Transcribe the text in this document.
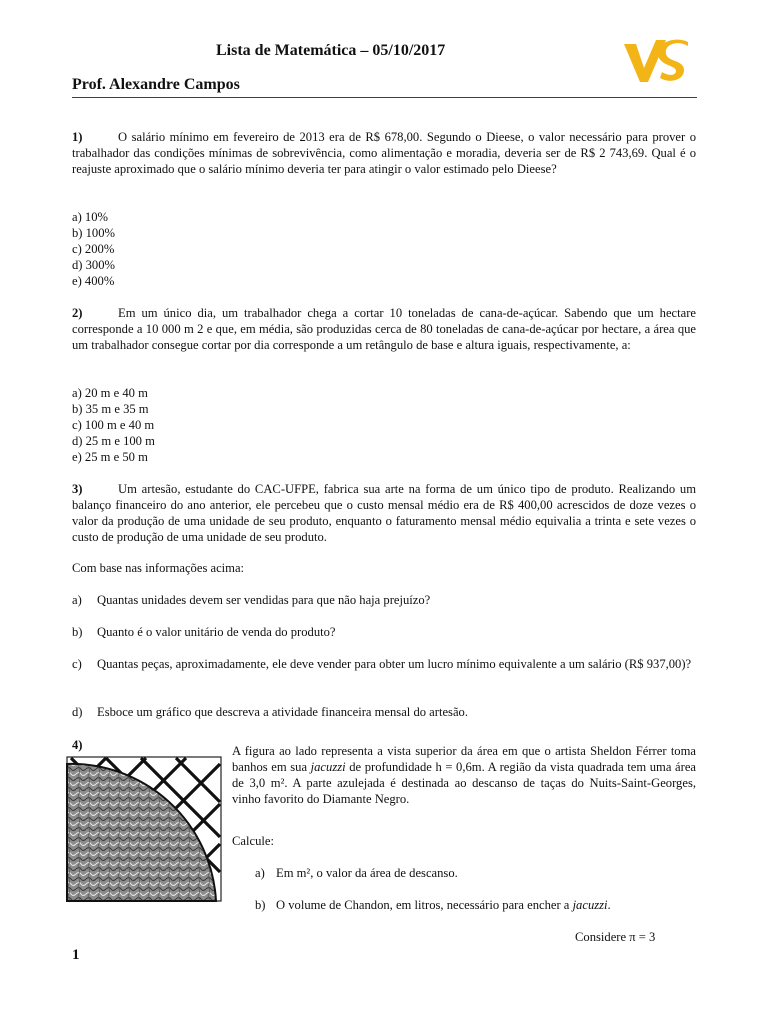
Lista de Matemática – 05/10/2017
Prof. Alexandre Campos
1)	O salário mínimo em fevereiro de 2013 era de R$ 678,00. Segundo o Dieese, o valor necessário para prover o trabalhador das condições mínimas de sobrevivência, como alimentação e moradia, deveria ser de R$ 2 743,69. Qual é o reajuste aproximado que o salário mínimo deveria ter para atingir o valor estimado pelo Dieese?
a) 10%
b) 100%
c) 200%
d) 300%
e) 400%
2)	Em um único dia, um trabalhador chega a cortar 10 toneladas de cana-de-açúcar. Sabendo que um hectare corresponde a 10 000 m 2 e que, em média, são produzidas cerca de 80 toneladas de cana-de-açúcar por hectare, a área que um trabalhador consegue cortar por dia corresponde a um retângulo de base e altura iguais, respectivamente, a:
a) 20 m e 40 m
b) 35 m e 35 m
c) 100 m e 40 m
d) 25 m e 100 m
e) 25 m e 50 m
3)	Um artesão, estudante do CAC-UFPE, fabrica sua arte na forma de um único tipo de produto. Realizando um balanço financeiro do ano anterior, ele percebeu que o custo mensal médio era de R$ 400,00 acrescidos de doze vezes o valor da produção de uma unidade de seu produto, enquanto o faturamento mensal médio equivalia a trinta e sete vezes o custo de produção de uma unidade de seu produto.
Com base nas informações acima:
a) Quantas unidades devem ser vendidas para que não haja prejuízo?
b) Quanto é o valor unitário de venda do produto?
c) Quantas peças, aproximadamente, ele deve vender para obter um lucro mínimo equivalente a um salário (R$ 937,00)?
d) Esboce um gráfico que descreva a atividade financeira mensal do artesão.
4)	A figura ao lado representa a vista superior da área em que o artista Sheldon Férrer toma banhos em sua jacuzzi de profundidade h = 0,6m. A região da vista quadrada tem uma área de 3,0 m². A parte azulejada é destinada ao descanso de taças do Nuits-Saint-Georges, vinho favorito do Diamante Negro.
Calcule:
a) Em m², o valor da área de descanso.
b) O volume de Chandon, em litros, necessário para encher a jacuzzi.
Considere π = 3
1
